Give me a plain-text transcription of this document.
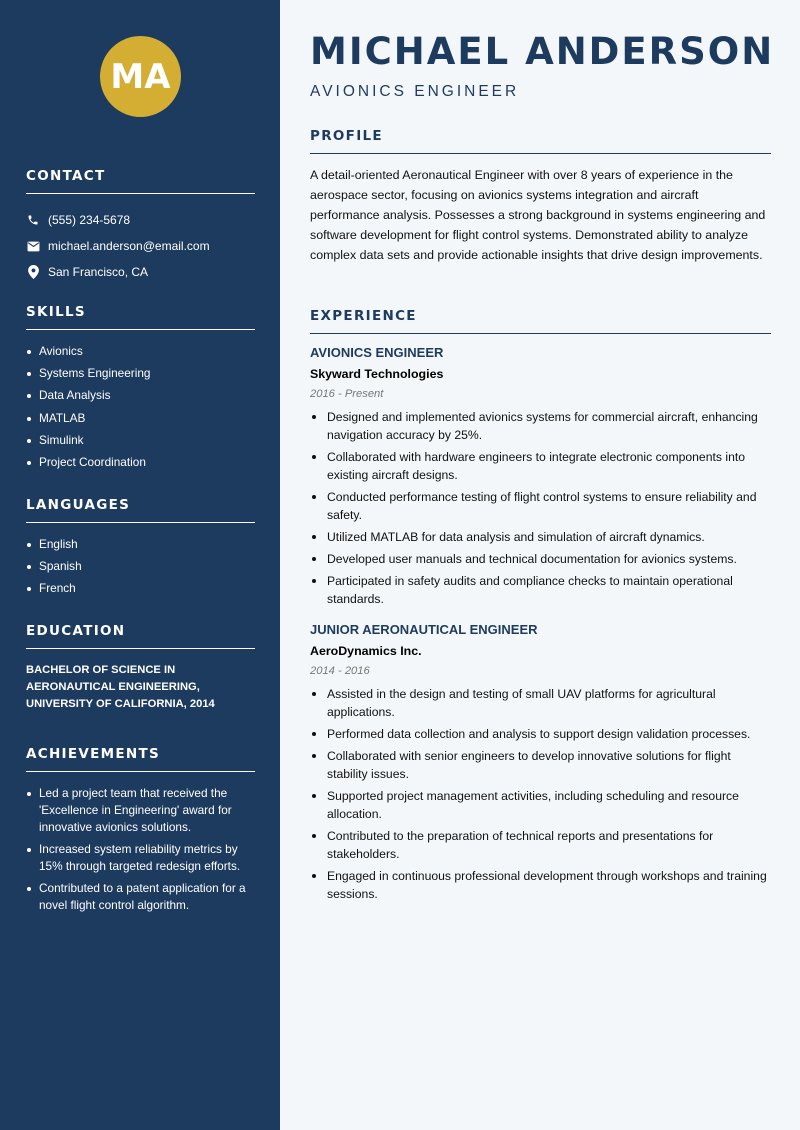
MA
CONTACT
(555) 234-5678
michael.anderson@email.com
San Francisco, CA
SKILLS
Avionics
Systems Engineering
Data Analysis
MATLAB
Simulink
Project Coordination
LANGUAGES
English
Spanish
French
EDUCATION
BACHELOR OF SCIENCE IN
AERONAUTICAL ENGINEERING,
UNIVERSITY OF CALIFORNIA, 2014
ACHIEVEMENTS
Led a project team that received the 'Excellence in Engineering' award for innovative avionics solutions.
Increased system reliability metrics by 15% through targeted redesign efforts.
Contributed to a patent application for a novel flight control algorithm.
MICHAEL ANDERSON
AVIONICS ENGINEER
PROFILE

A detail-oriented Aeronautical Engineer with over 8 years of experience in the aerospace sector, focusing on avionics systems integration and aircraft performance analysis. Possesses a strong background in systems engineering and software development for flight control systems. Demonstrated ability to analyze complex data sets and provide actionable insights that drive design improvements.

EXPERIENCE
AVIONICS ENGINEER
Skyward Technologies
2016 - Present
Designed and implemented avionics systems for commercial aircraft, enhancing navigation accuracy by 25%.
Collaborated with hardware engineers to integrate electronic components into existing aircraft designs.
Conducted performance testing of flight control systems to ensure reliability and safety.
Utilized MATLAB for data analysis and simulation of aircraft dynamics.
Developed user manuals and technical documentation for avionics systems.
Participated in safety audits and compliance checks to maintain operational standards.
JUNIOR AERONAUTICAL ENGINEER
AeroDynamics Inc.
2014 - 2016
Assisted in the design and testing of small UAV platforms for agricultural applications.
Performed data collection and analysis to support design validation processes.
Collaborated with senior engineers to develop innovative solutions for flight stability issues.
Supported project management activities, including scheduling and resource allocation.
Contributed to the preparation of technical reports and presentations for stakeholders.
Engaged in continuous professional development through workshops and training sessions.
